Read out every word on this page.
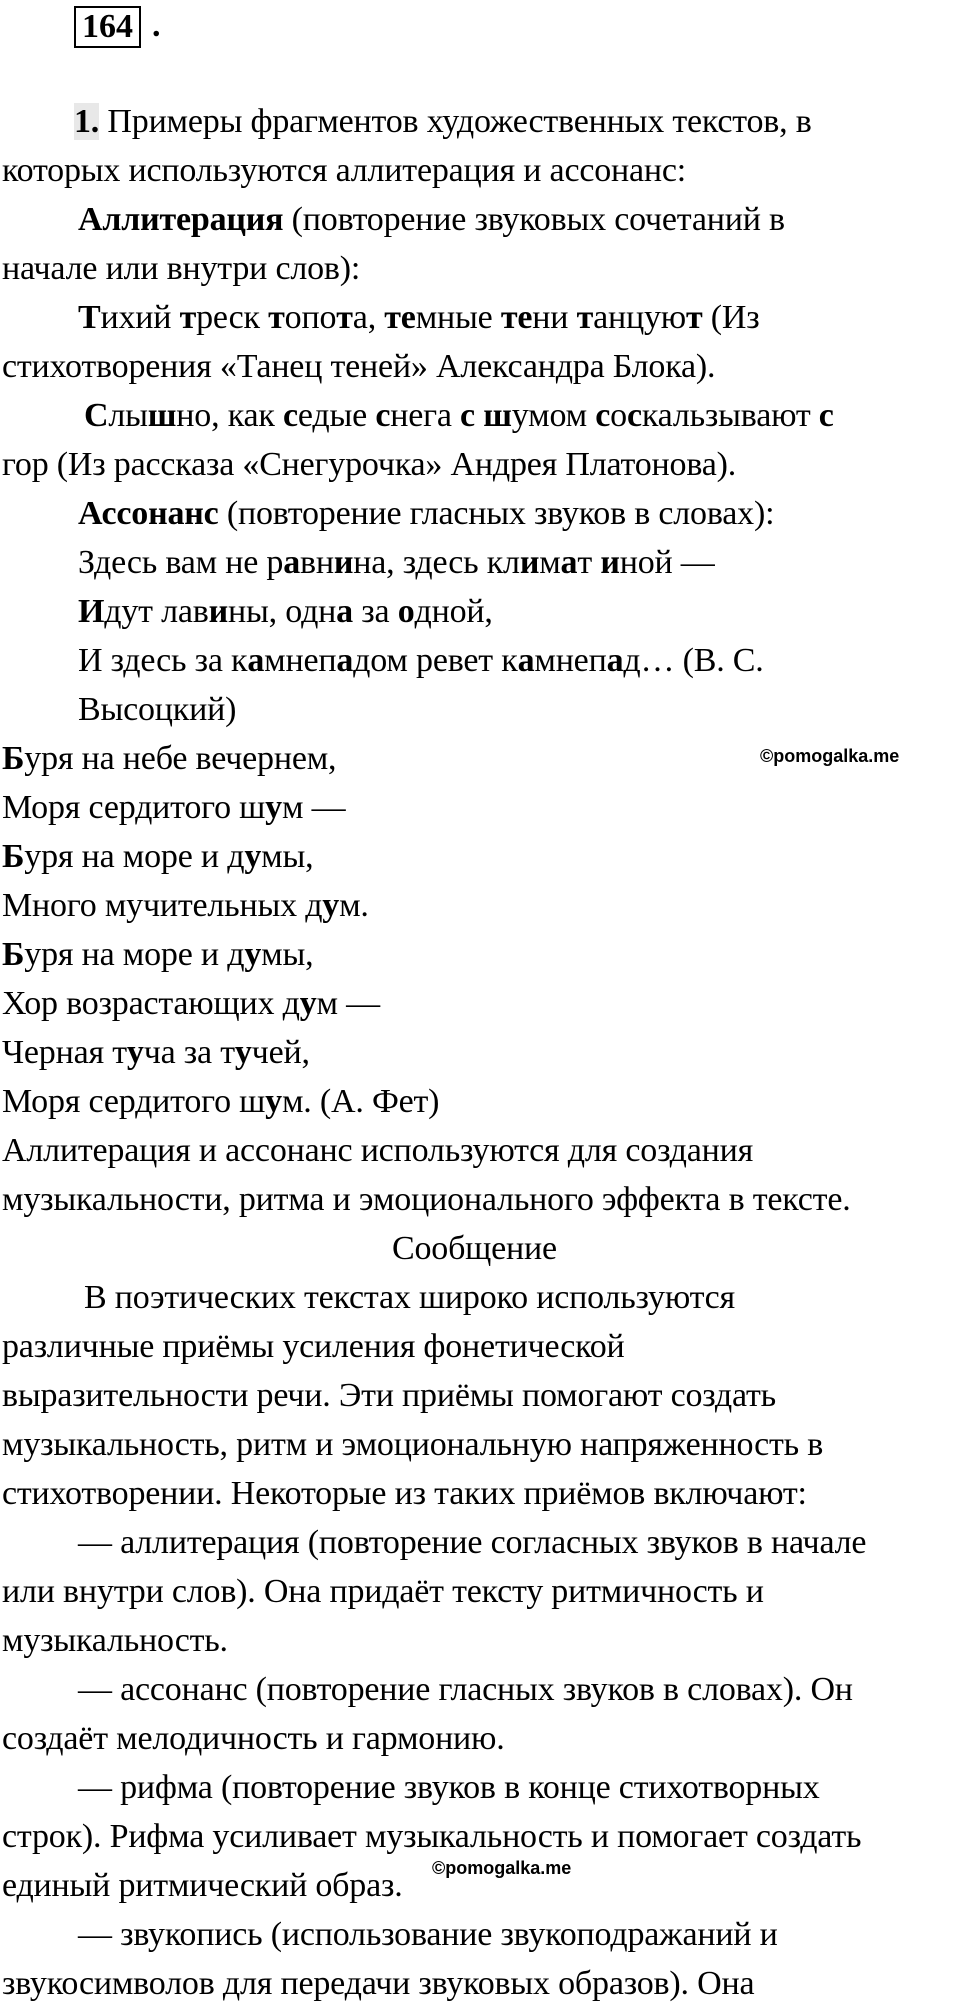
164 .
1. Примеры фрагментов художественных текстов, в
которых используются аллитерация и ассонанс:
Аллитерация (повторение звуковых сочетаний в
начале или внутри слов):
Тихий треск топота, темные тени танцуют (Из
стихотворения «Танец теней» Александра Блока).
Слышно, как седые снега с шумом соскальзывают с
гор (Из рассказа «Снегурочка» Андрея Платонова).
Ассонанс (повторение гласных звуков в словах):
Здесь вам не равнина, здесь климат иной —
Идут лавины, одна за одной,
И здесь за камнепадом ревет камнепад… (В. С.
Высоцкий)
Буря на небе вечернем,
Моря сердитого шум —
Буря на море и думы,
Много мучительных дум.
Буря на море и думы,
Хор возрастающих дум —
Черная туча за тучей,
Моря сердитого шум. (А. Фет)
Аллитерация и ассонанс используются для создания
музыкальности, ритма и эмоционального эффекта в тексте.
Сообщение
В поэтических текстах широко используются
различные приёмы усиления фонетической
выразительности речи. Эти приёмы помогают создать
музыкальность, ритм и эмоциональную напряженность в
стихотворении. Некоторые из таких приёмов включают:
— аллитерация (повторение согласных звуков в начале
или внутри слов). Она придаёт тексту ритмичность и
музыкальность.
— ассонанс (повторение гласных звуков в словах). Он
создаёт мелодичность и гармонию.
— рифма (повторение звуков в конце стихотворных
строк). Рифма усиливает музыкальность и помогает создать
единый ритмический образ.
— звукопись (использование звукоподражаний и
звукосимволов для передачи звуковых образов). Она
©pomogalka.me
©pomogalka.me
